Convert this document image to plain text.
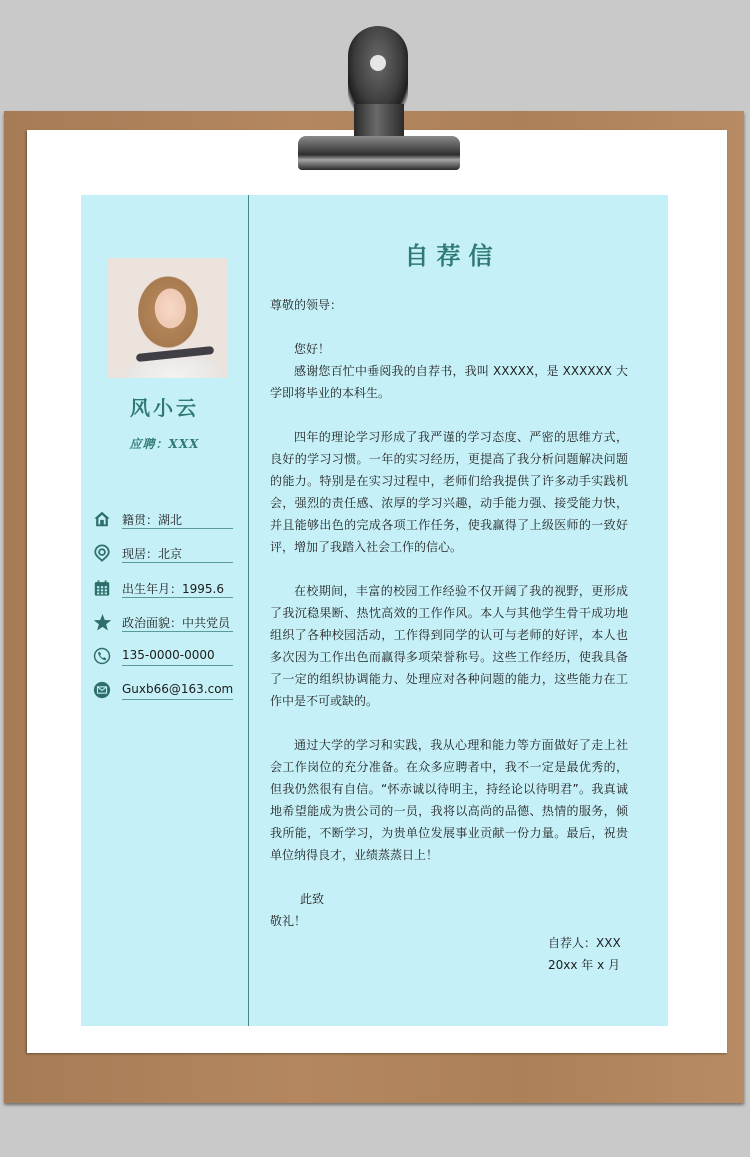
风小云
应聘：XXX
籍贯：湖北
现居：北京
出生年月：1995.6
政治面貌：中共党员
135-0000-0000
Guxb66@163.com
自荐信

尊敬的领导：

您好！

感谢您百忙中垂阅我的自荐书，我叫 XXXXX，是 XXXXXX 大学即将毕业的本科生。

四年的理论学习形成了我严谨的学习态度、严密的思维方式，良好的学习习惯。一年的实习经历，更提高了我分析问题解决问题的能力。特别是在实习过程中，老师们给我提供了许多动手实践机会，强烈的责任感、浓厚的学习兴趣，动手能力强、接受能力快，并且能够出色的完成各项工作任务，使我赢得了上级医师的一致好评，增加了我踏入社会工作的信心。

在校期间，丰富的校园工作经验不仅开阔了我的视野，更形成了我沉稳果断、热忱高效的工作作风。本人与其他学生骨干成功地组织了各种校园活动，工作得到同学的认可与老师的好评，本人也多次因为工作出色而赢得多项荣誉称号。这些工作经历，使我具备了一定的组织协调能力、处理应对各种问题的能力，这些能力在工作中是不可或缺的。

通过大学的学习和实践，我从心理和能力等方面做好了走上社会工作岗位的充分准备。在众多应聘者中，我不一定是最优秀的，但我仍然很有自信。“怀赤诚以待明主，持经论以待明君”。我真诚地希望能成为贵公司的一员，我将以高尚的品德、热情的服务，倾我所能，不断学习，为贵单位发展事业贡献一份力量。最后，祝贵单位纳得良才，业绩蒸蒸日上！

此致

敬礼！

自荐人：XXX

20xx 年 x 月
